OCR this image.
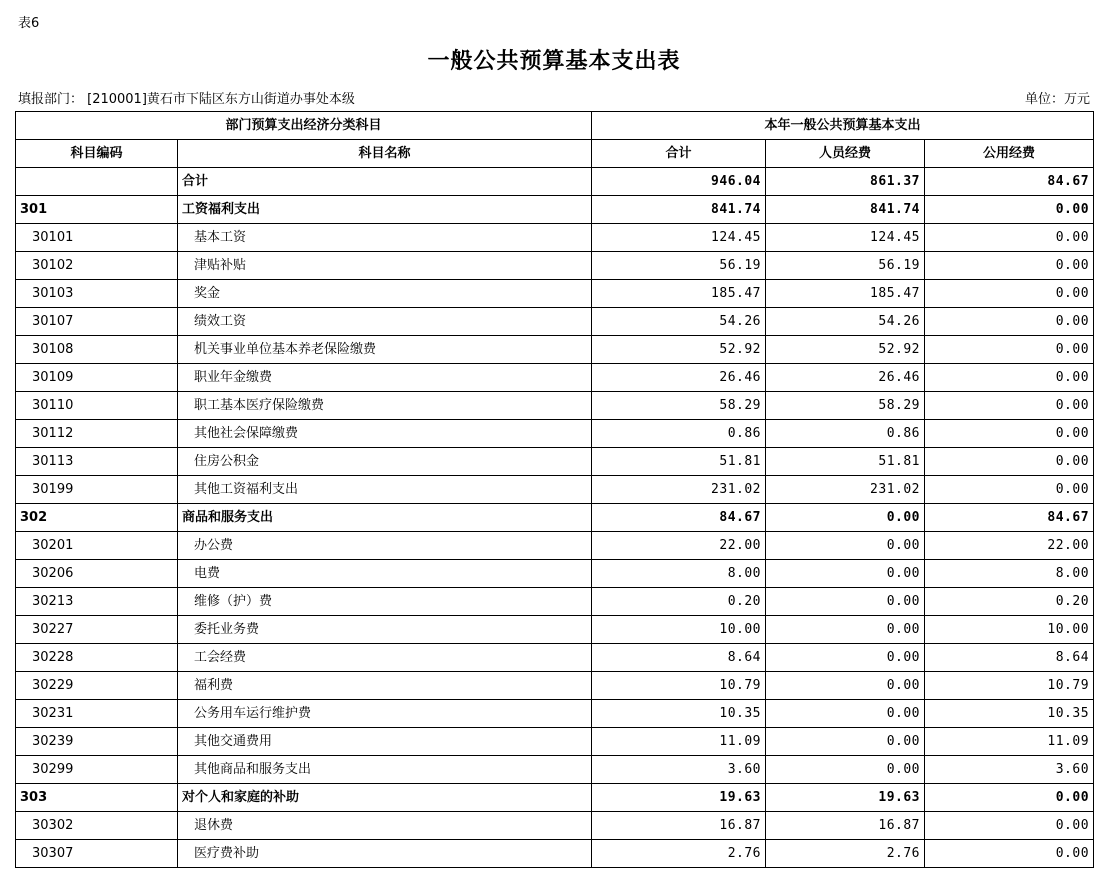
表6
一般公共预算基本支出表
填报部门： [210001]黄石市下陆区东方山街道办事处本级	单位：万元
部门预算支出经济分类科目		本年一般公共预算基本支出		
科目编码	科目名称	合计	人员经费	公用经费
	合计	946.04	861.37	84.67
301	工资福利支出	841.74	841.74	0.00
30101	基本工资	124.45	124.45	0.00
30102	津贴补贴	56.19	56.19	0.00
30103	奖金	185.47	185.47	0.00
30107	绩效工资	54.26	54.26	0.00
30108	机关事业单位基本养老保险缴费	52.92	52.92	0.00
30109	职业年金缴费	26.46	26.46	0.00
30110	职工基本医疗保险缴费	58.29	58.29	0.00
30112	其他社会保障缴费	0.86	0.86	0.00
30113	住房公积金	51.81	51.81	0.00
30199	其他工资福利支出	231.02	231.02	0.00
302	商品和服务支出	84.67	0.00	84.67
30201	办公费	22.00	0.00	22.00
30206	电费	8.00	0.00	8.00
30213	维修（护）费	0.20	0.00	0.20
30227	委托业务费	10.00	0.00	10.00
30228	工会经费	8.64	0.00	8.64
30229	福利费	10.79	0.00	10.79
30231	公务用车运行维护费	10.35	0.00	10.35
30239	其他交通费用	11.09	0.00	11.09
30299	其他商品和服务支出	3.60	0.00	3.60
303	对个人和家庭的补助	19.63	19.63	0.00
30302	退休费	16.87	16.87	0.00
30307	医疗费补助	2.76	2.76	0.00
